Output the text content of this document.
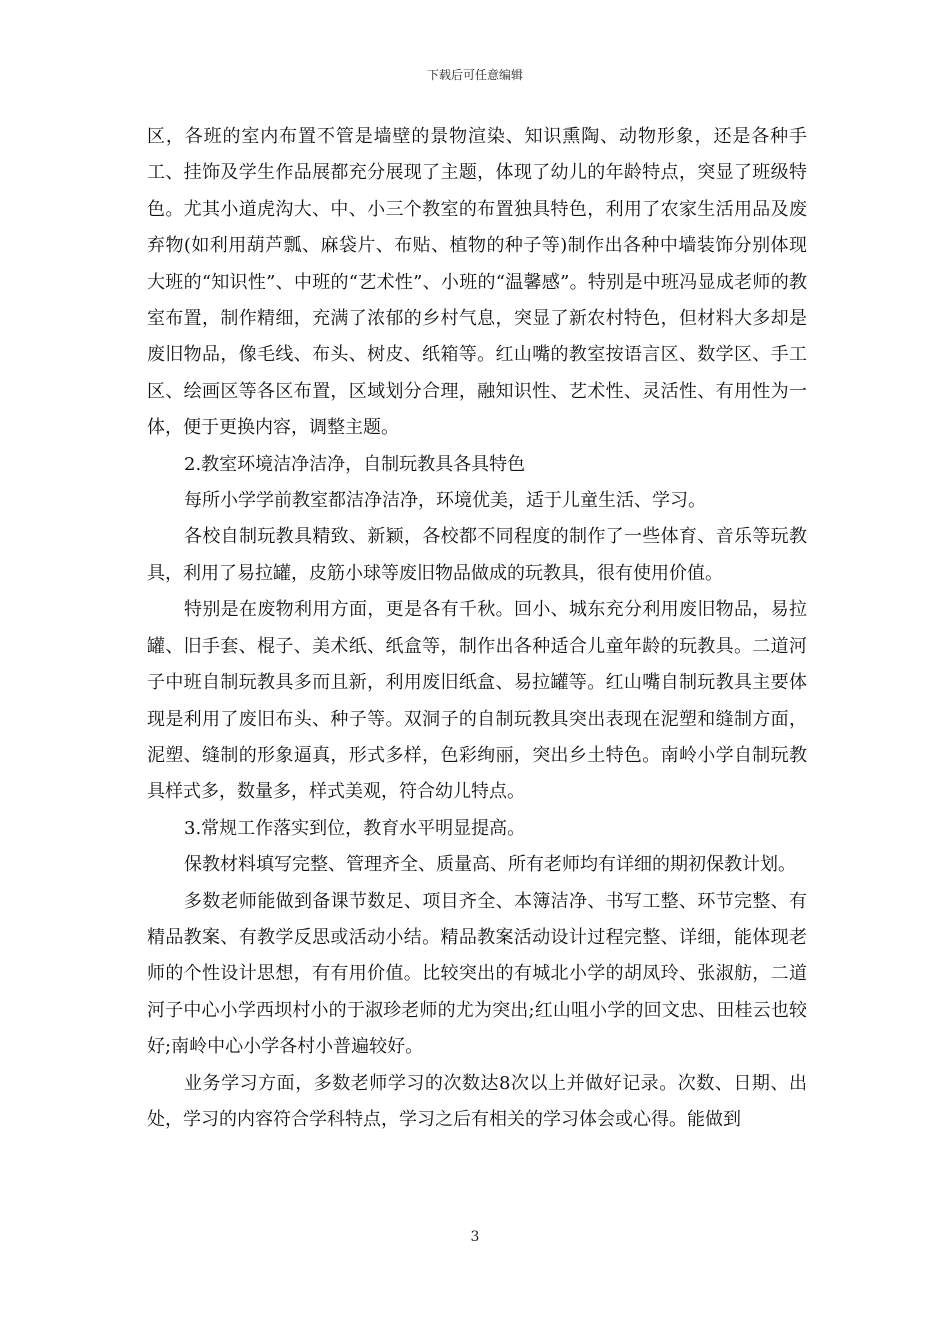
下载后可任意编辑

区，各班的室内布置不管是墙壁的景物渲染、知识熏陶、动物形象，还是各种手工、挂饰及学生作品展都充分展现了主题，体现了幼儿的年龄特点，突显了班级特色。尤其小道虎沟大、中、小三个教室的布置独具特色，利用了农家生活用品及废弃物(如利用葫芦瓢、麻袋片、布贴、植物的种子等)制作出各种中墙装饰分别体现大班的“知识性”、中班的“艺术性”、小班的“温馨感”。特别是中班冯显成老师的教室布置，制作精细，充满了浓郁的乡村气息，突显了新农村特色，但材料大多却是废旧物品，像毛线、布头、树皮、纸箱等。红山嘴的教室按语言区、数学区、手工区、绘画区等各区布置，区域划分合理，融知识性、艺术性、灵活性、有用性为一体，便于更换内容，调整主题。

2.教室环境洁净洁净，自制玩教具各具特色

每所小学学前教室都洁净洁净，环境优美，适于儿童生活、学习。

各校自制玩教具精致、新颖，各校都不同程度的制作了一些体育、音乐等玩教具，利用了易拉罐，皮筋小球等废旧物品做成的玩教具，很有使用价值。

特别是在废物利用方面，更是各有千秋。回小、城东充分利用废旧物品，易拉罐、旧手套、棍子、美术纸、纸盒等，制作出各种适合儿童年龄的玩教具。二道河子中班自制玩教具多而且新，利用废旧纸盒、易拉罐等。红山嘴自制玩教具主要体现是利用了废旧布头、种子等。双洞子的自制玩教具突出表现在泥塑和缝制方面，泥塑、缝制的形象逼真，形式多样，色彩绚丽，突出乡土特色。南岭小学自制玩教具样式多，数量多，样式美观，符合幼儿特点。

3.常规工作落实到位，教育水平明显提高。

保教材料填写完整、管理齐全、质量高、所有老师均有详细的期初保教计划。

多数老师能做到备课节数足、项目齐全、本簿洁净、书写工整、环节完整、有精品教案、有教学反思或活动小结。精品教案活动设计过程完整、详细，能体现老师的个性设计思想，有有用价值。比较突出的有城北小学的胡凤玲、张淑舫，二道河子中心小学西坝村小的于淑珍老师的尤为突出;红山咀小学的回文忠、田桂云也较好;南岭中心小学各村小普遍较好。

业务学习方面，多数老师学习的次数达8次以上并做好记录。次数、日期、出处，学习的内容符合学科特点，学习之后有相关的学习体会或心得。能做到

3
